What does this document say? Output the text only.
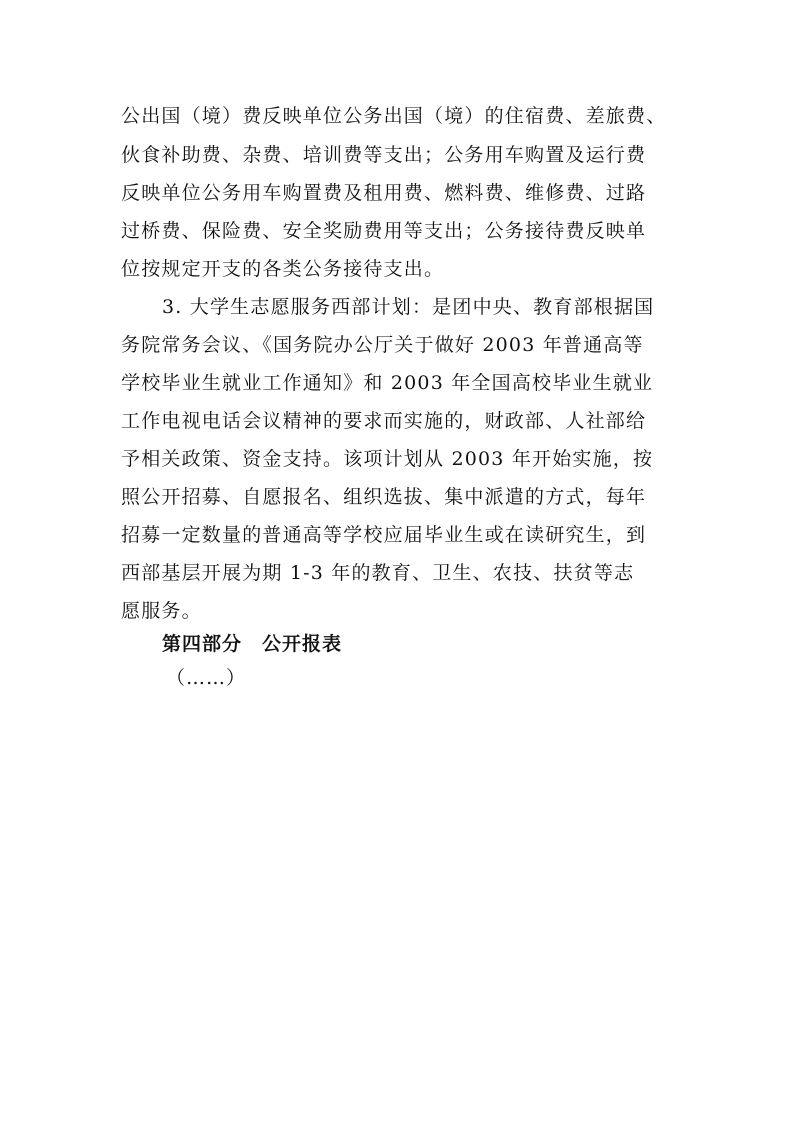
公出国（境）费反映单位公务出国（境）的住宿费、差旅费、
伙食补助费、杂费、培训费等支出；公务用车购置及运行费
反映单位公务用车购置费及租用费、燃料费、维修费、过路
过桥费、保险费、安全奖励费用等支出；公务接待费反映单
位按规定开支的各类公务接待支出。
3. 大学生志愿服务西部计划：是团中央、教育部根据国
务院常务会议、《国务院办公厅关于做好 2003 年普通高等
学校毕业生就业工作通知》和 2003 年全国高校毕业生就业
工作电视电话会议精神的要求而实施的，财政部、人社部给
予相关政策、资金支持。该项计划从 2003 年开始实施，按
照公开招募、自愿报名、组织选拔、集中派遣的方式，每年
招募一定数量的普通高等学校应届毕业生或在读研究生，到
西部基层开展为期 1-3 年的教育、卫生、农技、扶贫等志
愿服务。
第四部分　公开报表
（……）
